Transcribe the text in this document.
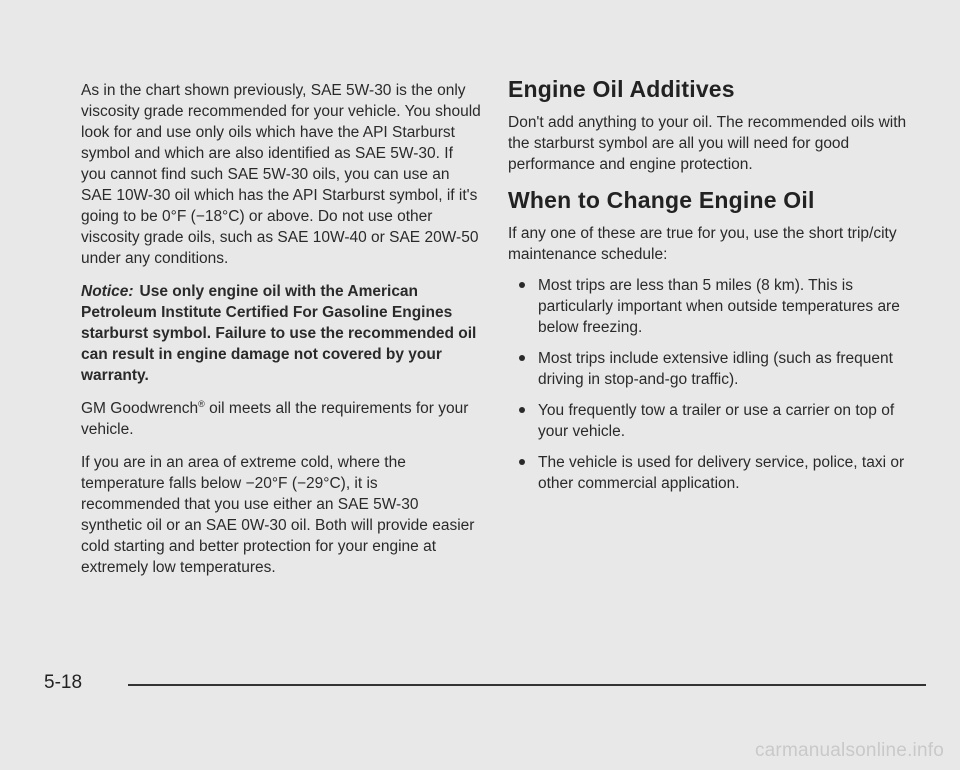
As in the chart shown previously, SAE 5W-30 is the only viscosity grade recommended for your vehicle. You should look for and use only oils which have the API Starburst symbol and which are also identified as SAE 5W-30. If you cannot find such SAE 5W-30 oils, you can use an SAE 10W-30 oil which has the API Starburst symbol, if it's going to be 0°F (−18°C) or above. Do not use other viscosity grade oils, such as SAE 10W-40 or SAE 20W-50 under any conditions.

Notice: Use only engine oil with the American Petroleum Institute Certified For Gasoline Engines starburst symbol. Failure to use the recommended oil can result in engine damage not covered by your warranty.

GM Goodwrench® oil meets all the requirements for your vehicle.

If you are in an area of extreme cold, where the temperature falls below −20°F (−29°C), it is recommended that you use either an SAE 5W-30 synthetic oil or an SAE 0W-30 oil. Both will provide easier cold starting and better protection for your engine at extremely low temperatures.

Engine Oil Additives

Don't add anything to your oil. The recommended oils with the starburst symbol are all you will need for good performance and engine protection.

When to Change Engine Oil

If any one of these are true for you, use the short trip/city maintenance schedule:

Most trips are less than 5 miles (8 km). This is particularly important when outside temperatures are below freezing.
Most trips include extensive idling (such as frequent driving in stop-and-go traffic).
You frequently tow a trailer or use a carrier on top of your vehicle.
The vehicle is used for delivery service, police, taxi or other commercial application.
5-18
carmanualsonline.info
